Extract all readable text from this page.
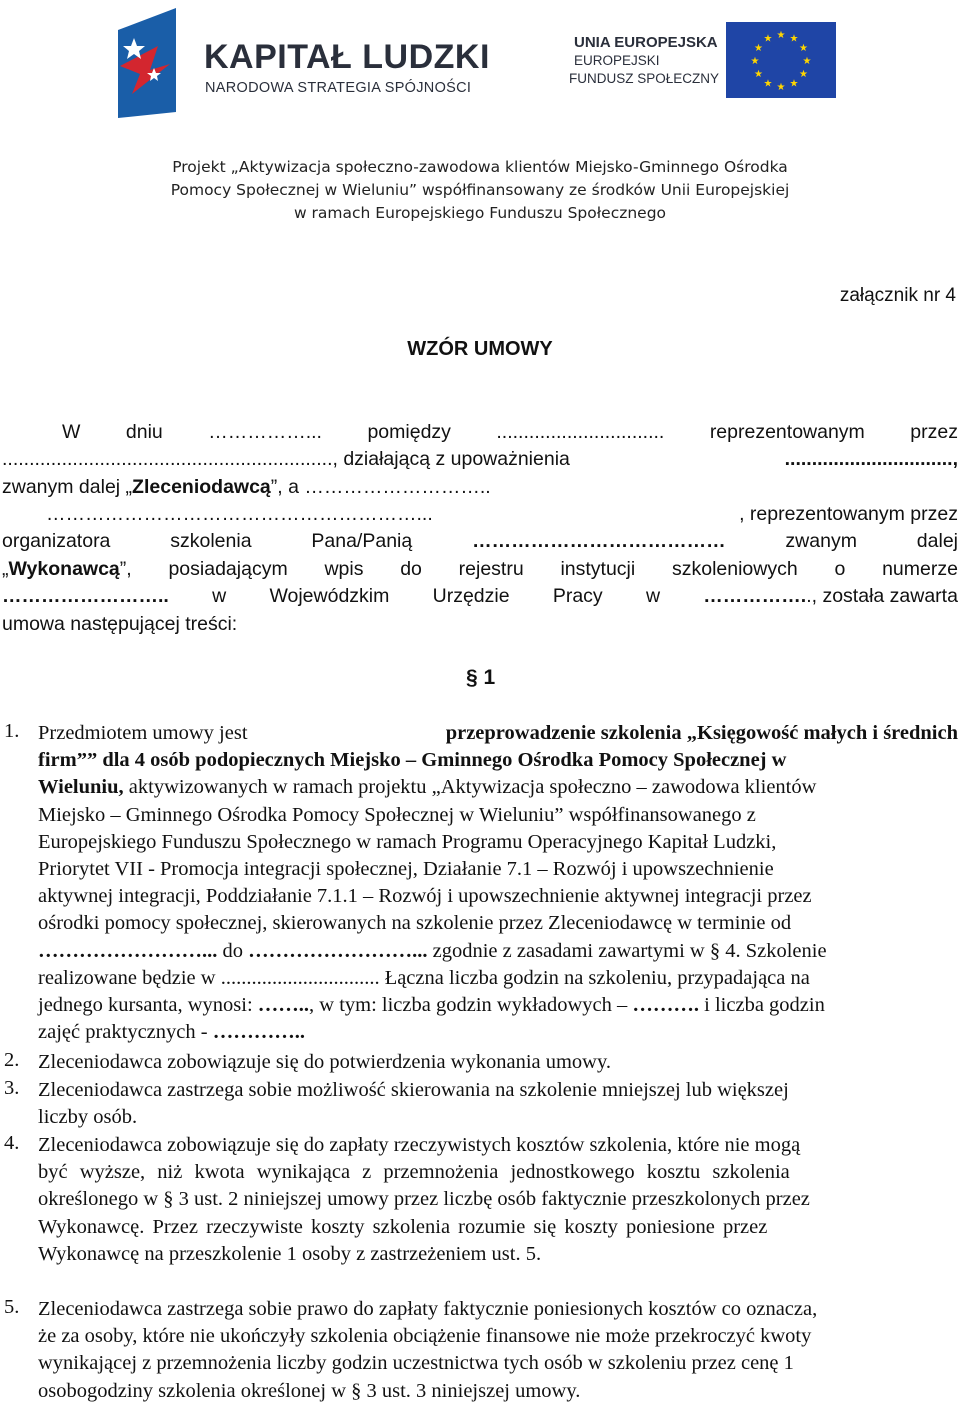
KAPITAŁ LUDZKI
NARODOWA STRATEGIA SPÓJNOŚCI
UNIA EUROPEJSKA
EUROPEJSKI
FUNDUSZ SPOŁECZNY
★ ★
★
★
★
★
★
★
★
★
★
★
Projekt „Aktywizacja społeczno-zawodowa klientów Miejsko-Gminnego Ośrodka
Pomocy Społecznej w Wieluniu” współfinansowany ze środków Unii Europejskiej
w ramach Europejskiego Funduszu Społecznego
załącznik nr 4
WZÓR UMOWY
W dniu ……………... pomiędzy ............................... reprezentowanym przez
............................................................., działającą z upoważnienia	...............................,
zwanym dalej „Zleceniodawcą”, a ………………………..
…………………………………………………...	, reprezentowanym przez
organizatora	szkolenia	Pana/Panią	…………………………………	zwanym	dalej
„Wykonawcą”, posiadającym wpis do rejestru instytucji szkoleniowych o numerze
…………………….. w Wojewódzkim Urzędzie Pracy w …………….., została zawarta
umowa następującej treści:
§ 1
1. Przedmiotem umowy jest	przeprowadzenie szkolenia „Księgowość małych i średnich
firm”” dla 4 osób podopiecznych Miejsko – Gminnego Ośrodka Pomocy Społecznej w
Wieluniu, aktywizowanych w ramach projektu „Aktywizacja społeczno – zawodowa klientów
Miejsko – Gminnego Ośrodka Pomocy Społecznej w Wieluniu” współfinansowanego z
Europejskiego Funduszu Społecznego w ramach Programu Operacyjnego Kapitał Ludzki,
Priorytet VII - Promocja integracji społecznej, Działanie 7.1 – Rozwój i upowszechnienie
aktywnej integracji, Poddziałanie 7.1.1 – Rozwój i upowszechnienie aktywnej integracji przez
ośrodki pomocy społecznej, skierowanych na szkolenie przez Zleceniodawcę w terminie od
……………………... do ……………………... zgodnie z zasadami zawartymi w § 4. Szkolenie
realizowane będzie w ............................... Łączna liczba godzin na szkoleniu, przypadająca na
jednego kursanta, wynosi: …….., w tym: liczba godzin wykładowych – ………. i liczba godzin
zajęć praktycznych - …………..
2. Zleceniodawca zobowiązuje się do potwierdzenia wykonania umowy.
3. Zleceniodawca zastrzega sobie możliwość skierowania na szkolenie mniejszej lub większej
liczby osób.
4. Zleceniodawca zobowiązuje się do zapłaty rzeczywistych kosztów szkolenia, które nie mogą
być wyższe, niż kwota wynikająca z przemnożenia jednostkowego kosztu szkolenia
określonego w § 3 ust. 2 niniejszej umowy przez liczbę osób faktycznie przeszkolonych przez
Wykonawcę. Przez rzeczywiste koszty szkolenia rozumie się koszty poniesione przez
Wykonawcę na przeszkolenie 1 osoby z zastrzeżeniem ust. 5.
5. Zleceniodawca zastrzega sobie prawo do zapłaty faktycznie poniesionych kosztów co oznacza,
że za osoby, które nie ukończyły szkolenia obciążenie finansowe nie może przekroczyć kwoty
wynikającej z przemnożenia liczby godzin uczestnictwa tych osób w szkoleniu przez cenę 1
osobogodziny szkolenia określonej w § 3 ust. 3 niniejszej umowy.
